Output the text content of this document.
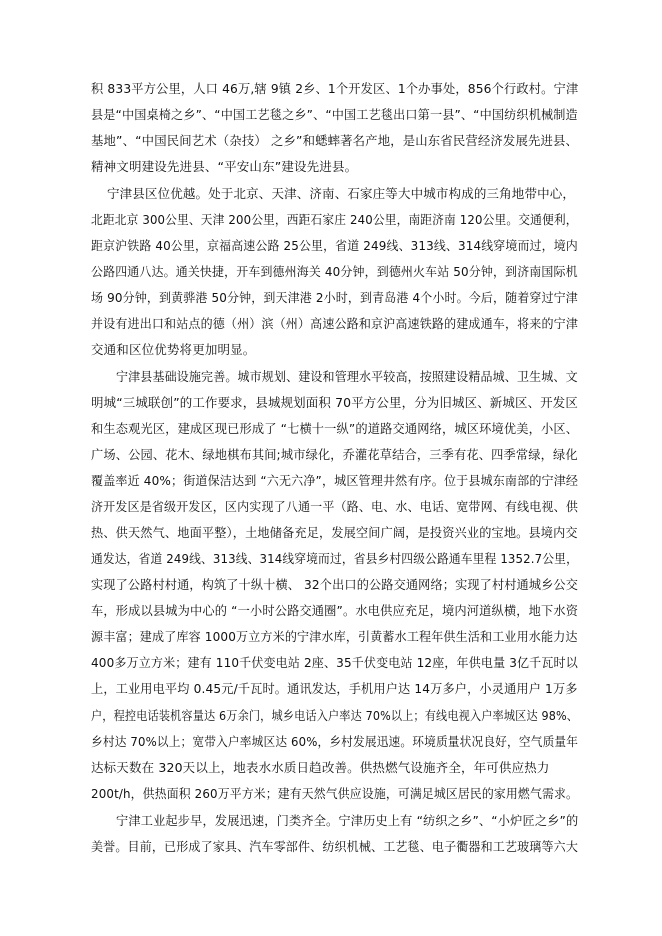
积 833平方公里，人口 46万,辖 9镇 2乡、1个开发区、1个办事处，856个行政村。宁津
县是“中国桌椅之乡”、“中国工艺毯之乡”、“中国工艺毯出口第一县”、“中国纺织机械制造
基地”、“中国民间艺术（杂技） 之乡”和蟋蟀著名产地，是山东省民营经济发展先进县、
精神文明建设先进县、“平安山东”建设先进县。
宁津县区位优越。处于北京、天津、济南、石家庄等大中城市构成的三角地带中心，
北距北京 300公里、天津 200公里，西距石家庄 240公里，南距济南 120公里。交通便利，
距京沪铁路 40公里，京福高速公路 25公里，省道 249线、313线、314线穿境而过，境内
公路四通八达。通关快捷，开车到德州海关 40分钟，到德州火车站 50分钟，到济南国际机
场 90分钟，到黄骅港 50分钟，到天津港 2小时，到青岛港 4个小时。今后，随着穿过宁津
并设有进出口和站点的德（州）滨（州）高速公路和京沪高速铁路的建成通车，将来的宁津
交通和区位优势将更加明显。
宁津县基础设施完善。城市规划、建设和管理水平较高，按照建设精品城、卫生城、文
明城“三城联创”的工作要求，县城规划面积 70平方公里，分为旧城区、新城区、开发区
和生态观光区，建成区现已形成了 “七横十一纵”的道路交通网络，城区环境优美，小区、
广场、公园、花木、绿地棋布其间;城市绿化，乔灌花草结合，三季有花、四季常绿，绿化
覆盖率近 40%；街道保洁达到 “六无六净”，城区管理井然有序。位于县城东南部的宁津经
济开发区是省级开发区，区内实现了八通一平（路、电、水、电话、宽带网、有线电视、供
热、供天然气、地面平整），土地储备充足，发展空间广阔，是投资兴业的宝地。县境内交
通发达，省道 249线、313线、314线穿境而过，省县乡村四级公路通车里程 1352.7公里，
实现了公路村村通，构筑了十纵十横、 32个出口的公路交通网络；实现了村村通城乡公交
车，形成以县城为中心的 “一小时公路交通圈”。水电供应充足，境内河道纵横，地下水资
源丰富；建成了库容 1000万立方米的宁津水库，引黄蓄水工程年供生活和工业用水能力达
400多万立方米；建有 110千伏变电站 2座、35千伏变电站 12座，年供电量 3亿千瓦时以
上，工业用电平均 0.45元/千瓦时。通讯发达，手机用户达 14万多户，小灵通用户 1万多
户，程控电话装机容量达 6万余门，城乡电话入户率达 70%以上；有线电视入户率城区达 98%、
乡村达 70%以上；宽带入户率城区达 60%，乡村发展迅速。环境质量状况良好，空气质量年
达标天数在 320天以上，地表水水质日趋改善。供热燃气设施齐全，年可供应热力
200t/h，供热面积 260万平方米；建有天然气供应设施，可满足城区居民的家用燃气需求。
宁津工业起步早，发展迅速，门类齐全。宁津历史上有 “纺织之乡”、“小炉匠之乡”的
美誉。目前，已形成了家具、汽车零部件、纺织机械、工艺毯、电子衢器和工艺玻璃等六大
